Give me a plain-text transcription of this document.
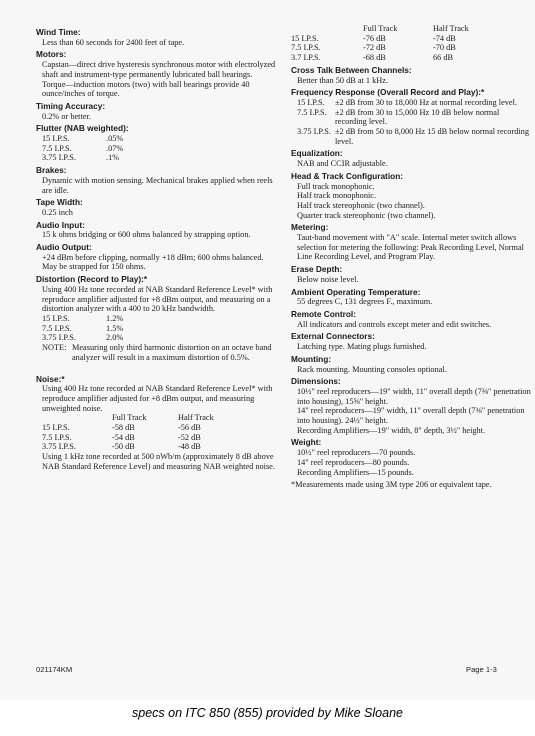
Wind Time:
Less than 60 seconds for 2400 feet of tape.
Motors:
Capstan—direct drive hysteresis synchronous motor with electrolyzed shaft and instrument-type permanently lubricated ball bearings.
Torque—induction motors (two) with ball bearings provide 40 ounce/inches of torque.
Timing Accuracy:
0.2% or better.
Flutter (NAB weighted):
15 I.P.S.	.05%
7.5 I.P.S.	.07%
3.75 I.P.S.	.1%
Brakes:
Dynamic with motion sensing. Mechanical brakes applied when reels are idle.
Tape Width:
0.25 inch
Audio Input:
15 k ohms bridging or 600 ohms balanced by strapping option.
Audio Output:
+24 dBm before clipping, normally +18 dBm; 600 ohms balanced. May be strapped for 150 ohms.
Distortion (Record to Play):*
Using 400 Hz tone recorded at NAB Standard Reference Level* with reproduce amplifier adjusted for +8 dBm output, and measuring on a distortion analyzer with a 400 to 20 kHz bandwidth.
15 I.P.S.	1.2%
7.5 I.P.S.	1.5%
3.75 I.P.S.	2.0%
NOTE: Measuring only third harmonic distortion on an octave band analyzer will result in a maximum distortion of 0.5%.
Noise:*
Using 400 Hz tone recorded at NAB Standard Reference Level* with reproduce amplifier adjusted for +8 dBm output, and measuring unweighted noise.
Full Track	Half Track
15 I.P.S.	-58 dB	-56 dB
7.5 I.P.S.	-54 dB	-52 dB
3.75 I.P.S.	-50 dB	-48 dB
Using 1 kHz tone recorded at 500 nWb/m (approximately 8 dB above NAB Standard Reference Level) and measuring NAB weighted noise.
Full Track	Half Track
15 I.P.S.	-76 dB	-74 dB
7.5 I.P.S.	-72 dB	-70 dB
3.7 I.P.S.	-68 dB	66 dB
Cross Talk Between Channels:
Better than 50 dB at 1 kHz.
Frequency Response (Overall Record and Play):*
15 I.P.S.	±2 dB from 30 to 18,000 Hz at normal recording level.
7.5 I.P.S. ±2 dB from 30 to 15,000 Hz 10 dB below normal recording level.
3.75 I.P.S. ±2 dB from 50 to 8,000 Hz 15 dB below normal recording level.
Equalization:
NAB and CCIR adjustable.
Head & Track Configuration:
Full track monophonic.
Half track monophonic.
Half track stereophonic (two channel).
Quarter track stereophonic (two channel).
Metering:
Taut-band movement with "A" scale. Internal meter switch allows selection for metering the following: Peak Recording Level, Normal Line Recording Level, and Program Play.
Erase Depth:
Below noise level.
Ambient Operating Temperature:
55 degrees C, 131 degrees F., maximum.
Remote Control:
All indicators and controls except meter and edit switches.
External Connectors:
Latching type. Mating plugs furnished.
Mounting:
Rack mounting. Mounting consoles optional.
Dimensions:
10½" reel reproducers—19" width, 11" overall depth (7⅜" penetration into housing), 15⅝" height.
14" reel reproducers—19" width, 11" overall depth (7⅜" penetration into housing). 24½" height.
Recording Amplifiers—19" width, 8" depth, 3½" height.
Weight:
10½" reel reproducers—70 pounds.
14" reel reproducers—80 pounds.
Recording Amplifiers—15 pounds.
*Measurements made using 3M type 206 or equivalent tape.
021174KM	Page 1-3
specs on ITC 850 (855) provided by Mike Sloane
